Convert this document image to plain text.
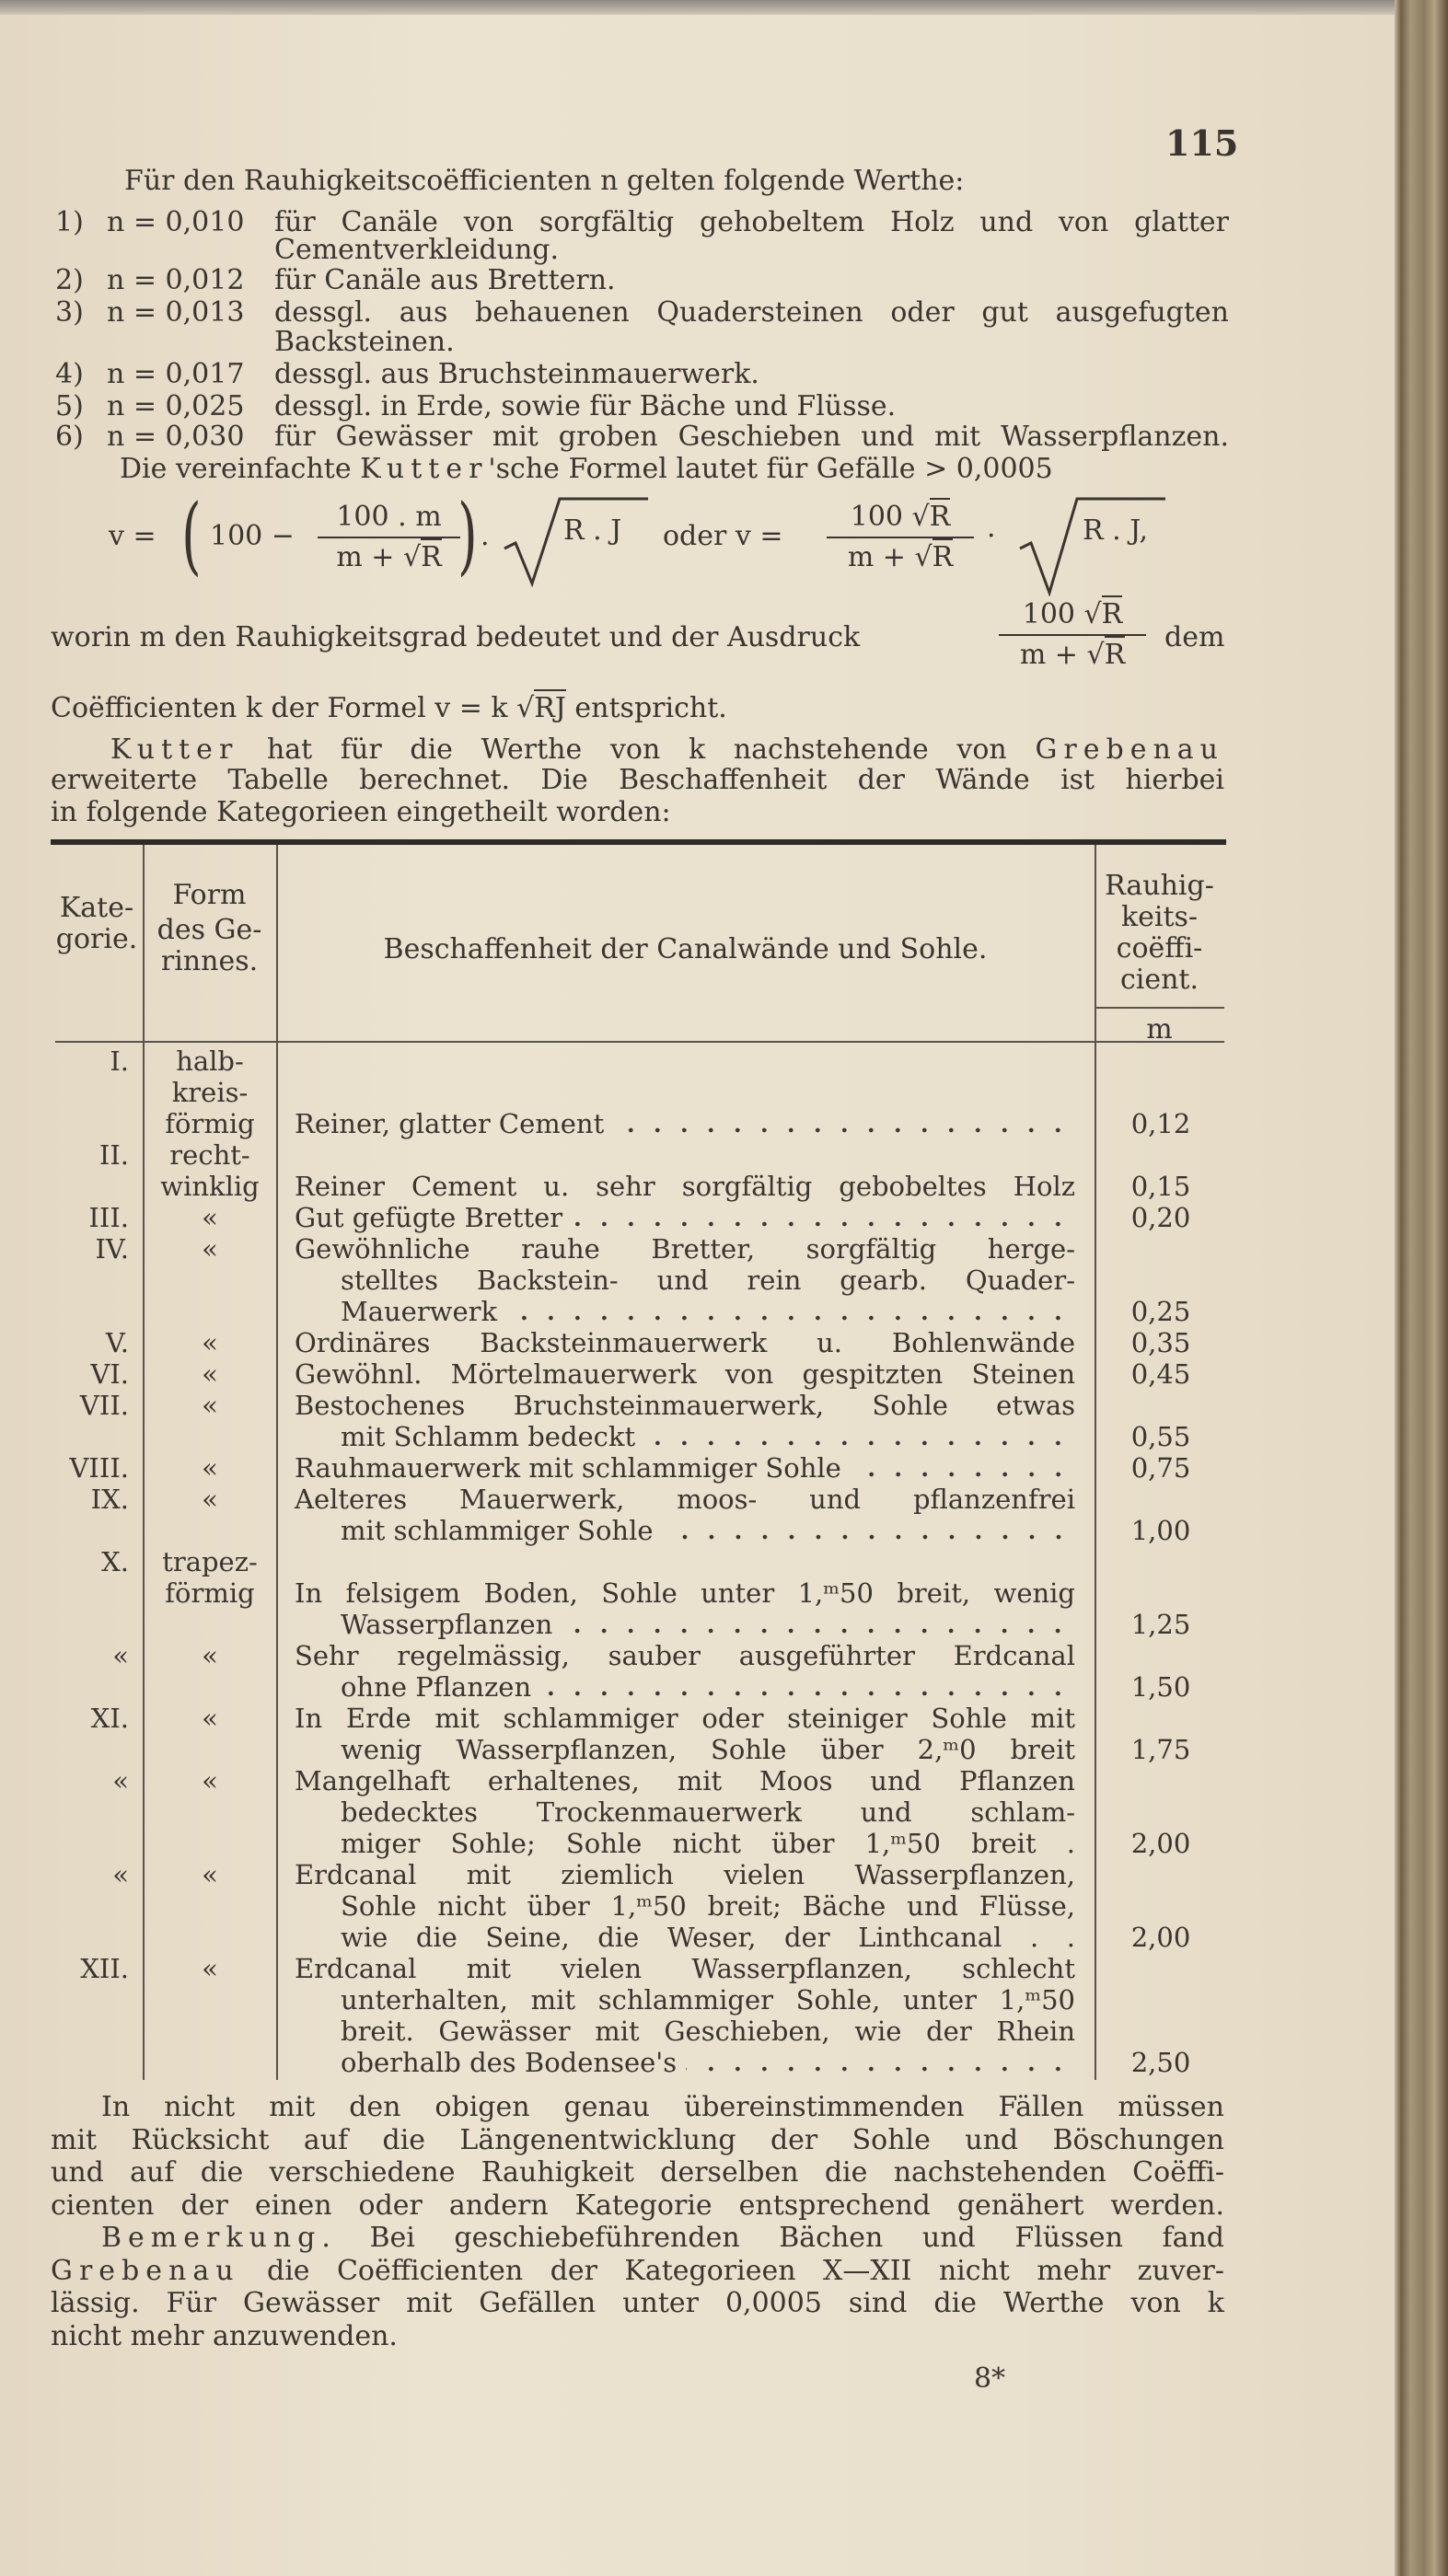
115
Für den Rauhigkeitscoëfficienten n gelten folgende Werthe:
1) n = 0,010 für Canäle von sorgfältig gehobeltem Holz und von glatter
Cementverkleidung.
2) n = 0,012 für Canäle aus Brettern.
3) n = 0,013 dessgl. aus behauenen Quadersteinen oder gut ausgefugten
Backsteinen.
4) n = 0,017 dessgl. aus Bruchsteinmauerwerk.
5) n = 0,025 dessgl. in Erde, sowie für Bäche und Flüsse.
6) n = 0,030 für Gewässer mit groben Geschieben und mit Wasserpflanzen.
Die vereinfachte Kutter'sche Formel lautet für Gefälle > 0,0005
v = ( 100 −
100 . m
m + √R ) .	R . J oder v =
100 √R
m + √R
·	R . J,
worin m den Rauhigkeitsgrad bedeutet und der Ausdruck
100 √R
m + √R
dem
Coëfficienten k der Formel v = k √RJ entspricht.
Kutter hat für die Werthe von k nachstehende von Grebenau
erweiterte Tabelle berechnet. Die Beschaffenheit der Wände ist hierbei
in folgende Kategorieen eingetheilt worden:
Kate-
gorie.
Form
des Ge-
rinnes.	Beschaffenheit der Canalwände und Sohle.
Rauhig-
keits-
coëffi-
cient.
m
I.	halb-
kreis-
förmig	Reiner, glatter Cement	0,12
II.	recht-
winklig	Reiner Cement u. sehr sorgfältig gebobeltes Holz	0,15
III.	«	Gut gefügte Bretter	0,20
IV.	«	Gewöhnliche rauhe Bretter, sorgfältig herge-
stelltes Backstein- und rein gearb. Quader-
Mauerwerk	0,25
V.	«	Ordinäres Backsteinmauerwerk u. Bohlenwände	0,35
VI.	«	Gewöhnl. Mörtelmauerwerk von gespitzten Steinen	0,45
VII.	«	Bestochenes Bruchsteinmauerwerk, Sohle etwas
mit Schlamm bedeckt	0,55
VIII.	«	Rauhmauerwerk mit schlammiger Sohle	0,75
IX.	«	Aelteres Mauerwerk, moos- und pflanzenfrei
mit schlammiger Sohle	1,00
X.	trapez-
förmig	In felsigem Boden, Sohle unter 1,ᵐ50 breit, wenig
Wasserpflanzen	1,25
«	«	Sehr regelmässig, sauber ausgeführter Erdcanal
ohne Pflanzen	1,50
XI.	«	In Erde mit schlammiger oder steiniger Sohle mit
wenig Wasserpflanzen, Sohle über 2,ᵐ0 breit	1,75
«	«	Mangelhaft erhaltenes, mit Moos und Pflanzen
bedecktes Trockenmauerwerk und schlam-
miger Sohle; Sohle nicht über 1,ᵐ50 breit .	2,00
«	«	Erdcanal mit ziemlich vielen Wasserpflanzen,
Sohle nicht über 1,ᵐ50 breit; Bäche und Flüsse,
wie die Seine, die Weser, der Linthcanal . .	2,00
XII.	«	Erdcanal mit vielen Wasserpflanzen, schlecht
unterhalten, mit schlammiger Sohle, unter 1,ᵐ50
breit. Gewässer mit Geschieben, wie der Rhein
oberhalb des Bodensee's	2,50
In nicht mit den obigen genau übereinstimmenden Fällen müssen
mit Rücksicht auf die Längenentwicklung der Sohle und Böschungen
und auf die verschiedene Rauhigkeit derselben die nachstehenden Coëffi-
cienten der einen oder andern Kategorie entsprechend genähert werden.
Bemerkung. Bei geschiebeführenden Bächen und Flüssen fand
Grebenau die Coëfficienten der Kategorieen X—XII nicht mehr zuver-
lässig. Für Gewässer mit Gefällen unter 0,0005 sind die Werthe von k
nicht mehr anzuwenden.
8*
